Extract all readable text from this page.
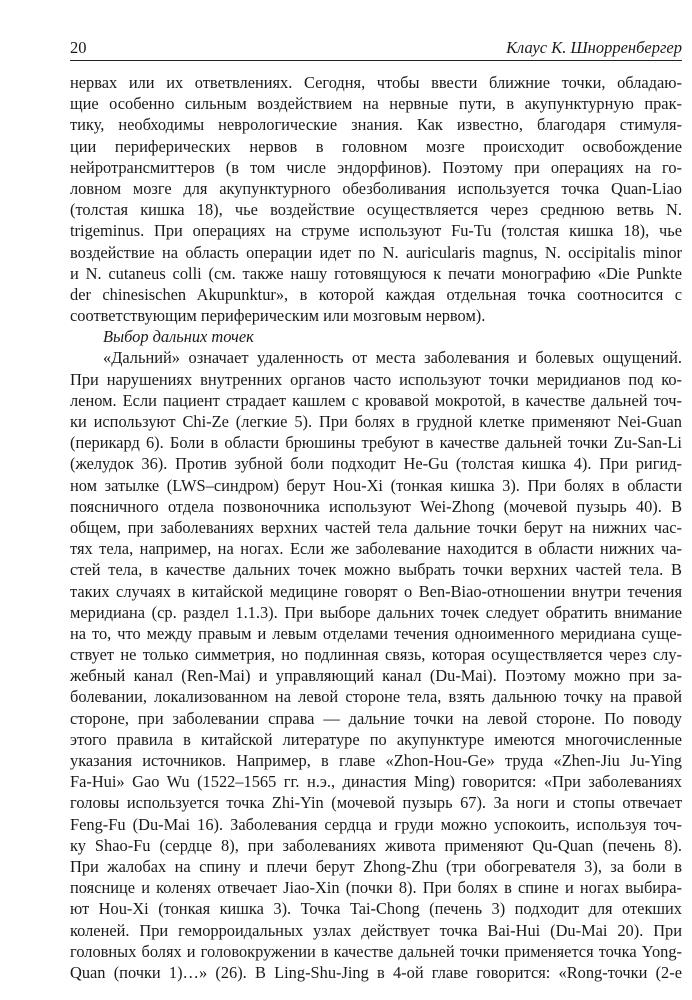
20	Клаус К. Шнорренбергер
нервах или их ответвлениях. Сегодня, чтобы ввести ближние точки, обладаю-
щие особенно сильным воздействием на нервные пути, в акупунктурную прак-
тику, необходимы неврологические знания. Как известно, благодаря стимуля-
ции периферических нервов в головном мозге происходит освобождение
нейротрансмиттеров (в том числе эндорфинов). Поэтому при операциях на го-
ловном мозге для акупунктурного обезболивания используется точка Quan-Liao
(толстая кишка 18), чье воздействие осуществляется через среднюю ветвь N.
trigeminus. При операциях на струме используют Fu-Tu (толстая кишка 18), чье
воздействие на область операции идет по N. auricularis magnus, N. occipitalis minor
и N. cutaneus colli (см. также нашу готовящуюся к печати монографию «Die Punkte
der chinesischen Akupunktur», в которой каждая отдельная точка соотносится с
соответствующим периферическим или мозговым нервом).
Выбор дальних точек
«Дальний» означает удаленность от места заболевания и болевых ощущений.
При нарушениях внутренних органов часто используют точки меридианов под ко-
леном. Если пациент страдает кашлем с кровавой мокротой, в качестве дальней точ-
ки используют Chi-Ze (легкие 5). При болях в грудной клетке применяют Nei-Guan
(перикард 6). Боли в области брюшины требуют в качестве дальней точки Zu-San-Li
(желудок 36). Против зубной боли подходит He-Gu (толстая кишка 4). При ригид-
ном затылке (LWS–синдром) берут Hou-Xi (тонкая кишка 3). При болях в области
поясничного отдела позвоночника используют Wei-Zhong (мочевой пузырь 40). В
общем, при заболеваниях верхних частей тела дальние точки берут на нижних час-
тях тела, например, на ногах. Если же заболевание находится в области нижних ча-
стей тела, в качестве дальних точек можно выбрать точки верхних частей тела. В
таких случаях в китайской медицине говорят о Ben-Biao-отношении внутри течения
меридиана (ср. раздел 1.1.3). При выборе дальних точек следует обратить внимание
на то, что между правым и левым отделами течения одноименного меридиана суще-
ствует не только симметрия, но подлинная связь, которая осуществляется через слу-
жебный канал (Ren-Mai) и управляющий канал (Du-Mai). Поэтому можно при за-
болевании, локализованном на левой стороне тела, взять дальнюю точку на правой
стороне, при заболевании справа — дальние точки на левой стороне. По поводу
этого правила в китайской литературе по акупунктуре имеются многочисленные
указания источников. Например, в главе «Zhon-Hou-Ge» труда «Zhen-Jiu Ju-Ying
Fa-Hui» Gao Wu (1522–1565 гг. н.э., династия Ming) говорится: «При заболеваниях
головы используется точка Zhi-Yin (мочевой пузырь 67). За ноги и стопы отвечает
Feng-Fu (Du-Mai 16). Заболевания сердца и груди можно успокоить, используя точ-
ку Shao-Fu (сердце 8), при заболеваниях живота применяют Qu-Quan (печень 8).
При жалобах на спину и плечи берут Zhong-Zhu (три обогревателя 3), за боли в
пояснице и коленях отвечает Jiao-Xin (почки 8). При болях в спине и ногах выбира-
ют Hou-Xi (тонкая кишка 3). Точка Tai-Chong (печень 3) подходит для отекших
коленей. При геморроидальных узлах действует точка Bai-Hui (Du-Mai 20). При
головных болях и головокружении в качестве дальней точки применяется точка Yong-
Quan (почки 1)…» (26). В Ling-Shu-Jing в 4-ой главе говорится: «Rong-точки (2-е
